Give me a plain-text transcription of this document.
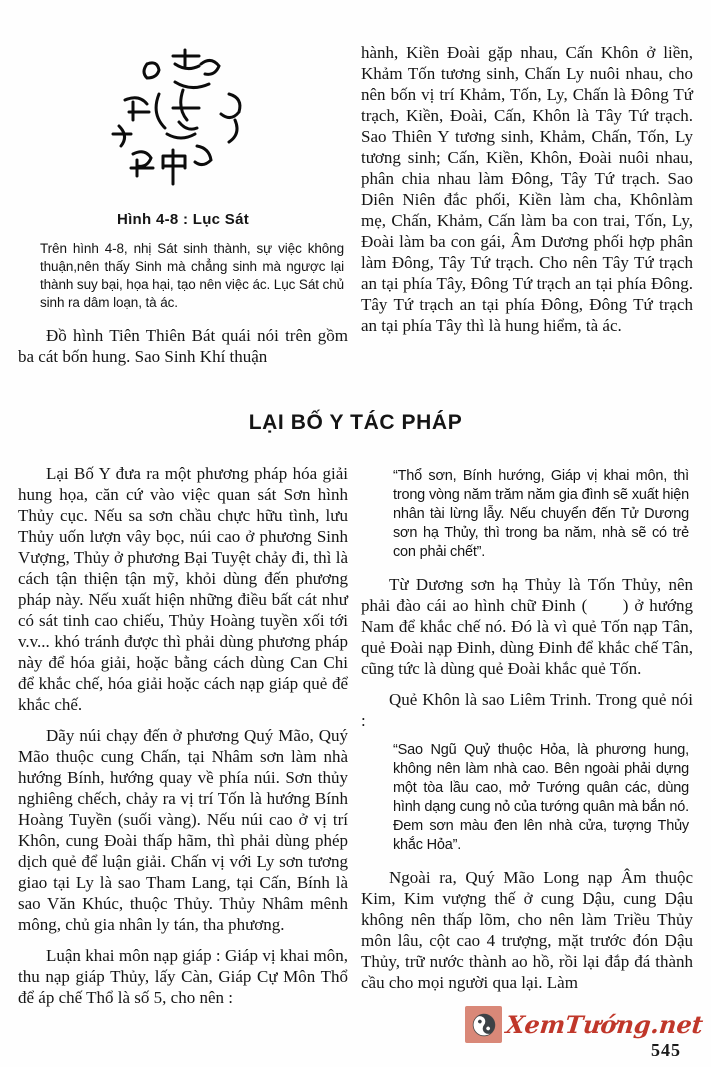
Hình 4-8 : Lục Sát
Trên hình 4-8, nhị Sát sinh thành, sự việc không thuận,nên thấy Sinh mà chẳng sinh mà ngược lại thành suy bại, họa hại, tạo nên việc ác. Lục Sát chủ sinh ra dâm loạn, tà ác.

Đồ hình Tiên Thiên Bát quái nói trên gồm ba cát bốn hung. Sao Sinh Khí thuận

hành, Kiền Đoài gặp nhau, Cấn Khôn ở liền, Khảm Tốn tương sinh, Chấn Ly nuôi nhau, cho nên bốn vị trí Khảm, Tốn, Ly, Chấn là Đông Tứ trạch, Kiền, Đoài, Cấn, Khôn là Tây Tứ trạch. Sao Thiên Y tương sinh, Khảm, Chấn, Tốn, Ly tương sinh; Cấn, Kiền, Khôn, Đoài nuôi nhau, phân chia nhau làm Đông, Tây Tứ trạch. Sao Diên Niên đắc phối, Kiền làm cha, Khônlàm mẹ, Chấn, Khảm, Cấn làm ba con trai, Tốn, Ly, Đoài làm ba con gái, Âm Dương phối hợp phân làm Đông, Tây Tứ trạch. Cho nên Tây Tứ trạch an tại phía Tây, Đông Tứ trạch an tại phía Đông. Tây Tứ trạch an tại phía Đông, Đông Tứ trạch an tại phía Tây thì là hung hiểm, tà ác.

LẠI BỐ Y TÁC PHÁP

Lại Bố Y đưa ra một phương pháp hóa giải hung họa, căn cứ vào việc quan sát Sơn hình Thủy cục. Nếu sa sơn chầu chực hữu tình, lưu Thủy uốn lượn vây bọc, núi cao ở phương Sinh Vượng, Thủy ở phương Bại Tuyệt chảy đi, thì là cách tận thiện tận mỹ, khỏi dùng đến phương pháp này. Nếu xuất hiện những điều bất cát như có sát tinh cao chiếu, Thủy Hoàng tuyền xối tới v.v... khó tránh được thì phải dùng phương pháp này để hóa giải, hoặc bằng cách dùng Can Chi để khắc chế, hóa giải hoặc cách nạp giáp quẻ để khắc chế.

Dãy núi chạy đến ở phương Quý Mão, Quý Mão thuộc cung Chấn, tại Nhâm sơn làm nhà hướng Bính, hướng quay về phía núi. Sơn thủy nghiêng chếch, chảy ra vị trí Tốn là hướng Bính Hoàng Tuyền (suối vàng). Nếu núi cao ở vị trí Khôn, cung Đoài thấp hãm, thì phải dùng phép dịch quẻ để luận giải. Chấn vị với Ly sơn tương giao tại Ly là sao Tham Lang, tại Cấn, Bính là sao Văn Khúc, thuộc Thủy. Thủy Nhâm mênh mông, chủ gia nhân ly tán, tha phương.

Luận khai môn nạp giáp : Giáp vị khai môn, thu nạp giáp Thủy, lấy Càn, Giáp Cự Môn Thổ để áp chế Thổ là số 5, cho nên :

“Thổ sơn, Bính hướng, Giáp vị khai môn, thì trong vòng năm trăm năm gia đình sẽ xuất hiện nhân tài lừng lẫy. Nếu chuyển đến Tử Dương sơn hạ Thủy, thì trong ba năm, nhà sẽ có trẻ con phải chết”.

Từ Dương sơn hạ Thủy là Tốn Thủy, nên phải đào cái ao hình chữ Đinh (      ) ở hướng Nam để khắc chế nó. Đó là vì quẻ Tốn nạp Tân, quẻ Đoài nạp Đinh, dùng Đinh để khắc chế Tân, cũng tức là dùng quẻ Đoài khắc quẻ Tốn.

Quẻ Khôn là sao Liêm Trinh. Trong quẻ nói :

“Sao Ngũ Quỷ thuộc Hỏa, là phương hung, không nên làm nhà cao. Bên ngoài phải dựng một tòa lầu cao, mở Tướng quân các, dùng hình dạng cung nỏ của tướng quân mà bắn nó. Đem sơn màu đen lên nhà cửa, tượng Thủy khắc Hỏa”.

Ngoài ra, Quý Mão Long nạp Âm thuộc Kim, Kim vượng thế ở cung Dậu, cung Dậu không nên thấp lõm, cho nên làm Triều Thủy môn lâu, cột cao 4 trượng, mặt trước đón Dậu Thủy, trữ nước thành ao hồ, rồi lại đắp đá thành cầu cho mọi người qua lại. Làm

XemTướng.net
545
